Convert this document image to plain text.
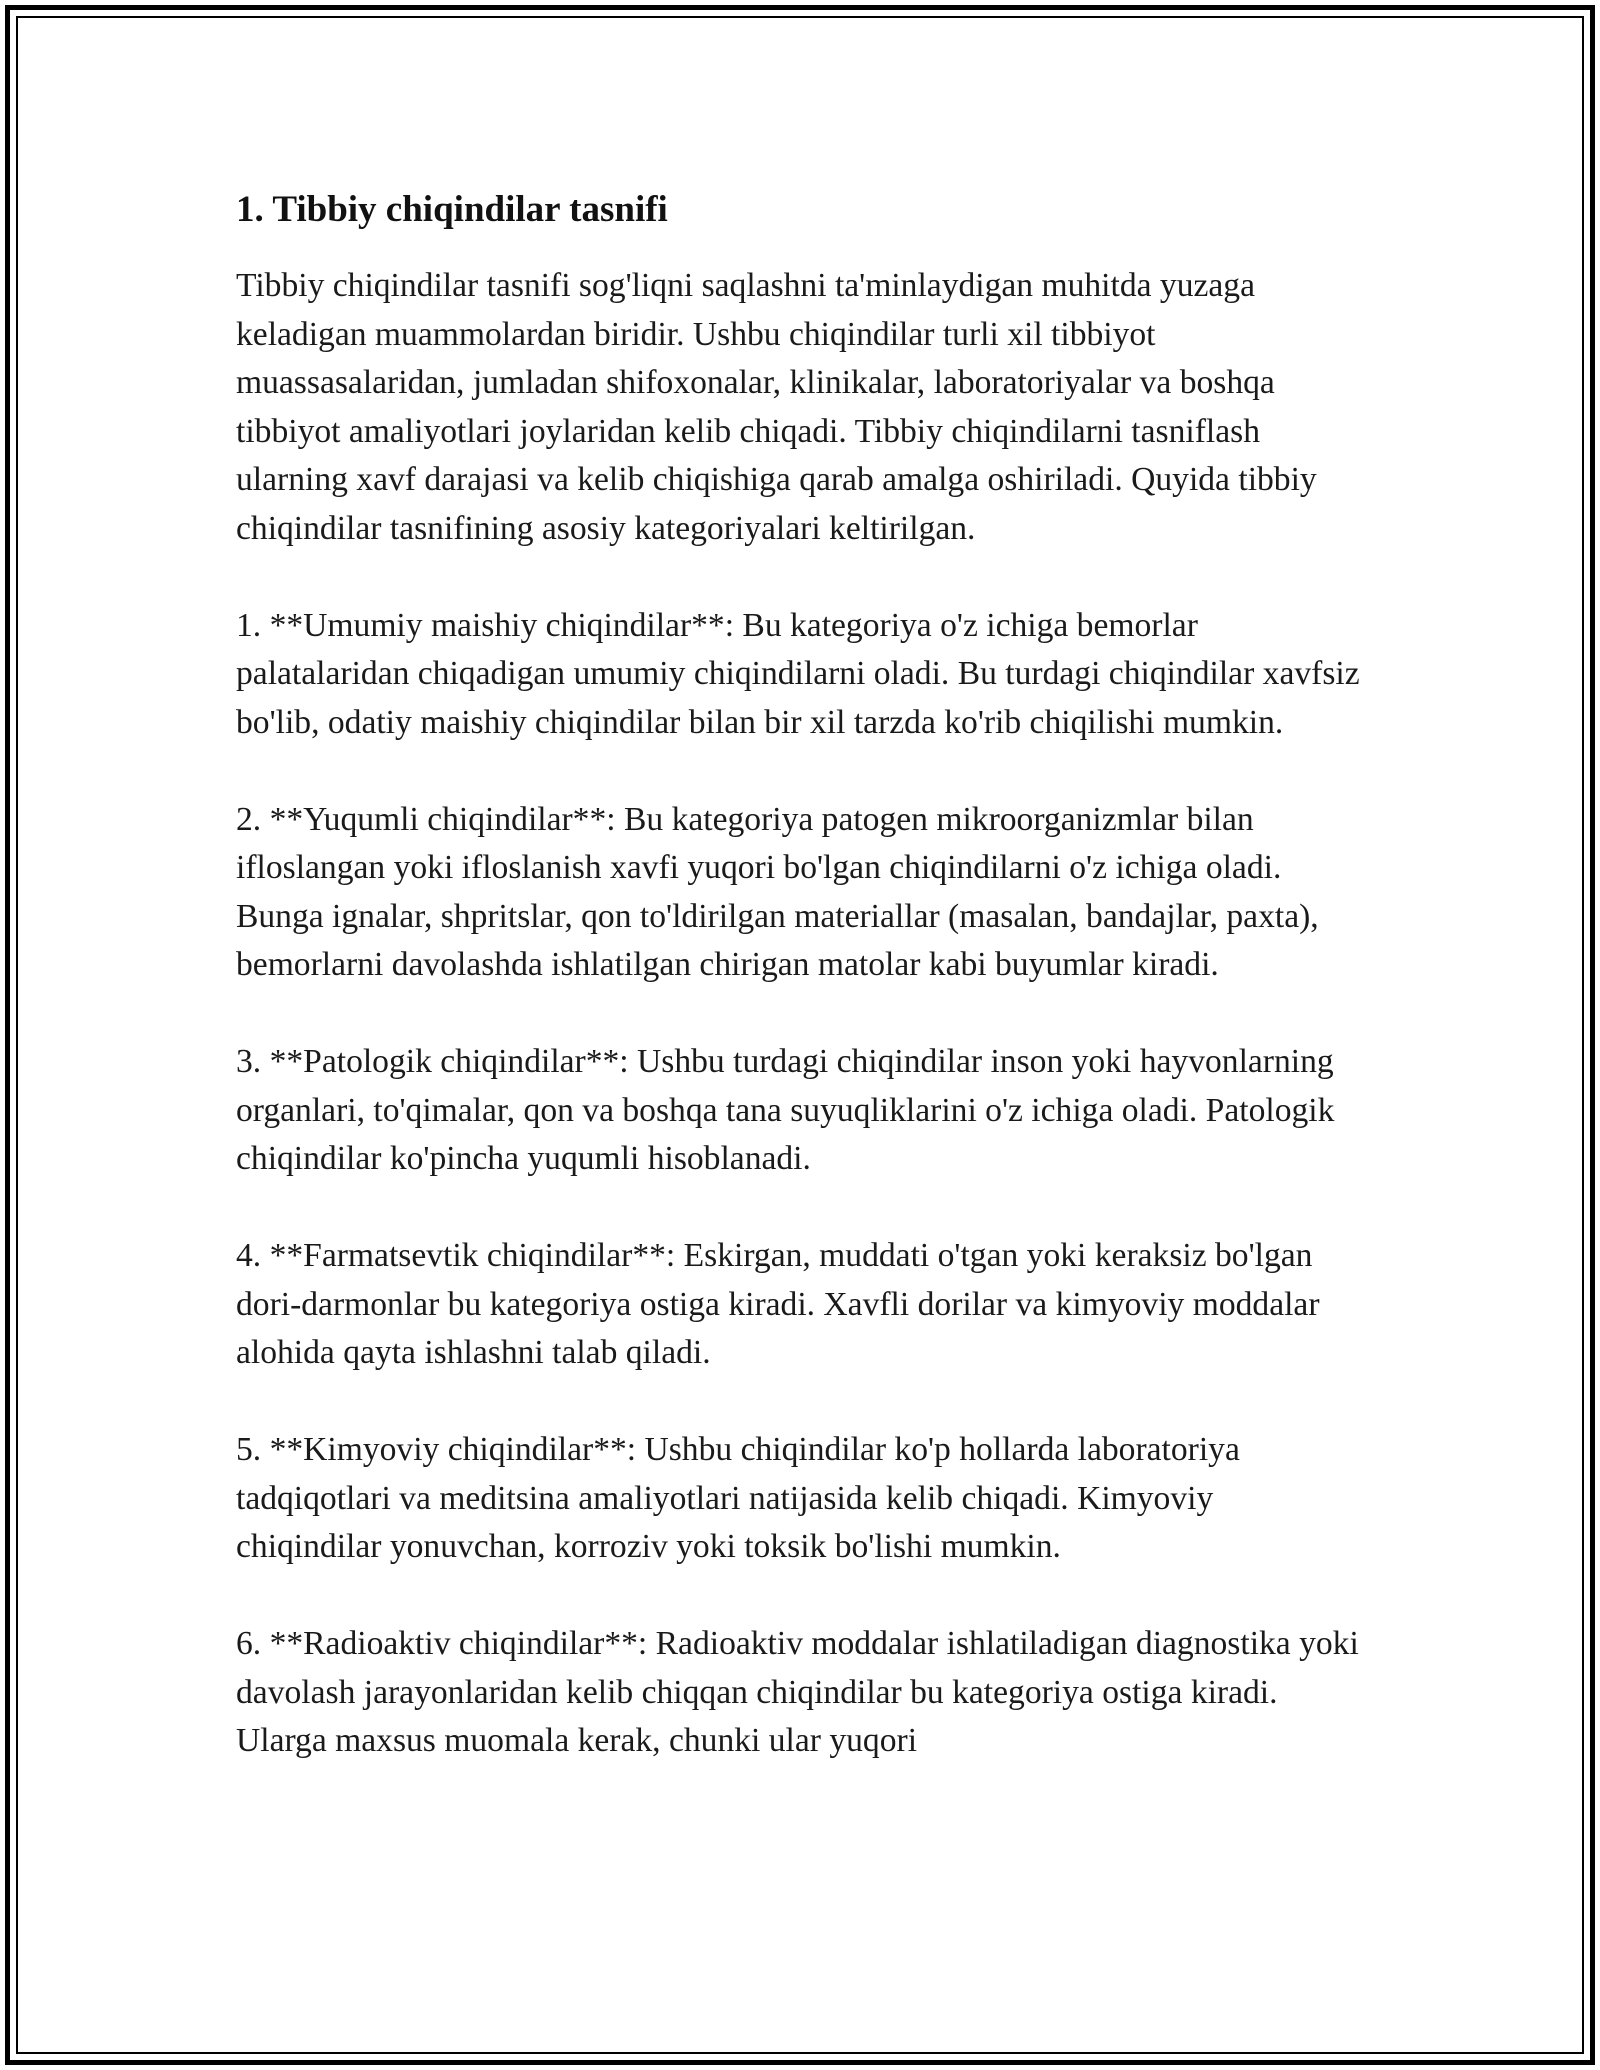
1. Tibbiy chiqindilar tasnifi

Tibbiy chiqindilar tasnifi sog'liqni saqlashni ta'minlaydigan muhitda yuzaga keladigan muammolardan biridir. Ushbu chiqindilar turli xil tibbiyot muassasalaridan, jumladan shifoxonalar, klinikalar, laboratoriyalar va boshqa tibbiyot amaliyotlari joylaridan kelib chiqadi. Tibbiy chiqindilarni tasniflash ularning xavf darajasi va kelib chiqishiga qarab amalga oshiriladi. Quyida tibbiy chiqindilar tasnifining asosiy kategoriyalari keltirilgan.

1. **Umumiy maishiy chiqindilar**: Bu kategoriya o'z ichiga bemorlar palatalaridan chiqadigan umumiy chiqindilarni oladi. Bu turdagi chiqindilar xavfsiz bo'lib, odatiy maishiy chiqindilar bilan bir xil tarzda ko'rib chiqilishi mumkin.

2. **Yuqumli chiqindilar**: Bu kategoriya patogen mikroorganizmlar bilan ifloslangan yoki ifloslanish xavfi yuqori bo'lgan chiqindilarni o'z ichiga oladi. Bunga ignalar, shpritslar, qon to'ldirilgan materiallar (masalan, bandajlar, paxta), bemorlarni davolashda ishlatilgan chirigan matolar kabi buyumlar kiradi.

3. **Patologik chiqindilar**: Ushbu turdagi chiqindilar inson yoki hayvonlarning organlari, to'qimalar, qon va boshqa tana suyuqliklarini o'z ichiga oladi. Patologik chiqindilar ko'pincha yuqumli hisoblanadi.

4. **Farmatsevtik chiqindilar**: Eskirgan, muddati o'tgan yoki keraksiz bo'lgan dori-darmonlar bu kategoriya ostiga kiradi. Xavfli dorilar va kimyoviy moddalar alohida qayta ishlashni talab qiladi.

5. **Kimyoviy chiqindilar**: Ushbu chiqindilar ko'p hollarda laboratoriya tadqiqotlari va meditsina amaliyotlari natijasida kelib chiqadi. Kimyoviy chiqindilar yonuvchan, korroziv yoki toksik bo'lishi mumkin.

6. **Radioaktiv chiqindilar**: Radioaktiv moddalar ishlatiladigan diagnostika yoki davolash jarayonlaridan kelib chiqqan chiqindilar bu kategoriya ostiga kiradi. Ularga maxsus muomala kerak, chunki ular yuqori
